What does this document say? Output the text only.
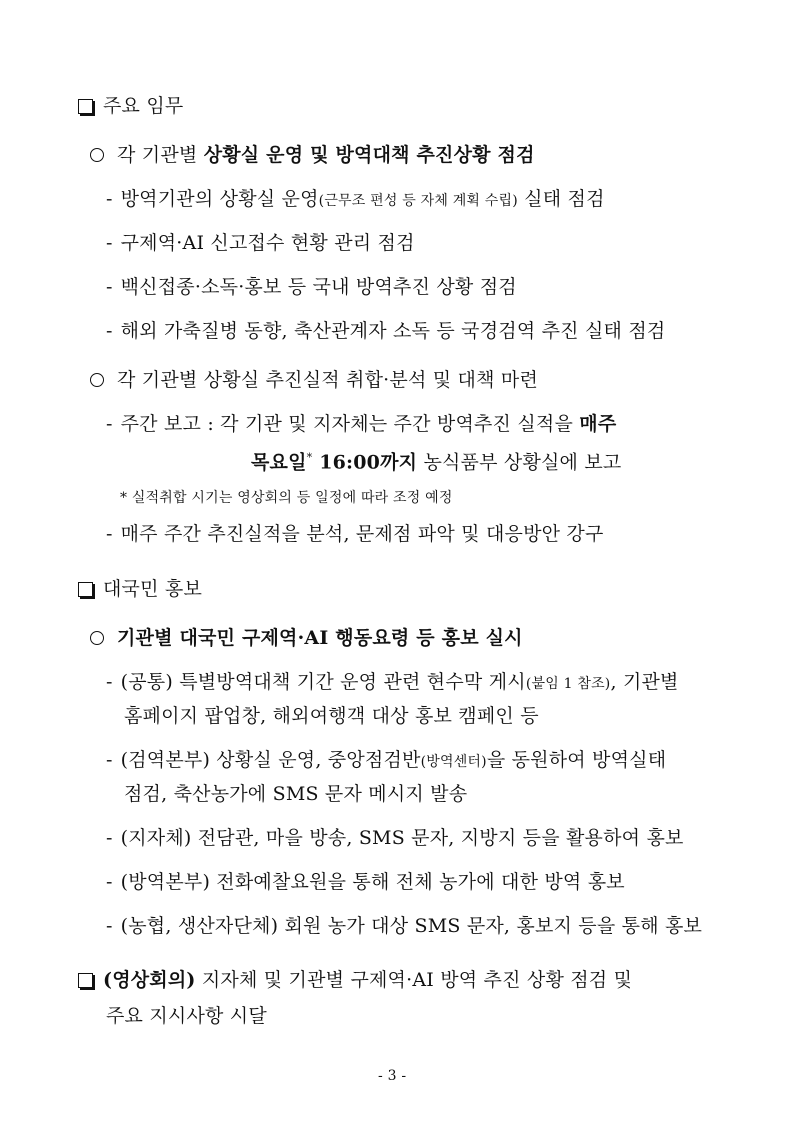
주요 임무
각 기관별 상황실 운영 및 방역대책 추진상황 점검
- 방역기관의 상황실 운영(근무조 편성 등 자체 계획 수립) 실태 점검
- 구제역·AI 신고접수 현황 관리 점검
- 백신접종·소독·홍보 등 국내 방역추진 상황 점검
- 해외 가축질병 동향, 축산관계자 소독 등 국경검역 추진 실태 점검
각 기관별 상황실 추진실적 취합·분석 및 대책 마련
- 주간 보고 : 각 기관 및 지자체는 주간 방역추진 실적을 매주
목요일* 16:00까지 농식품부 상황실에 보고
* 실적취합 시기는 영상회의 등 일정에 따라 조정 예정
- 매주 주간 추진실적을 분석, 문제점 파악 및 대응방안 강구
대국민 홍보
기관별 대국민 구제역·AI 행동요령 등 홍보 실시
- (공통) 특별방역대책 기간 운영 관련 현수막 게시(붙임 1 참조), 기관별
홈페이지 팝업창, 해외여행객 대상 홍보 캠페인 등
- (검역본부) 상황실 운영, 중앙점검반(방역센터)을 동원하여 방역실태
점검, 축산농가에 SMS 문자 메시지 발송
- (지자체) 전담관, 마을 방송, SMS 문자, 지방지 등을 활용하여 홍보
- (방역본부) 전화예찰요원을 통해 전체 농가에 대한 방역 홍보
- (농협, 생산자단체) 회원 농가 대상 SMS 문자, 홍보지 등을 통해 홍보
(영상회의) 지자체 및 기관별 구제역·AI 방역 추진 상황 점검 및
주요 지시사항 시달
- 3 -
